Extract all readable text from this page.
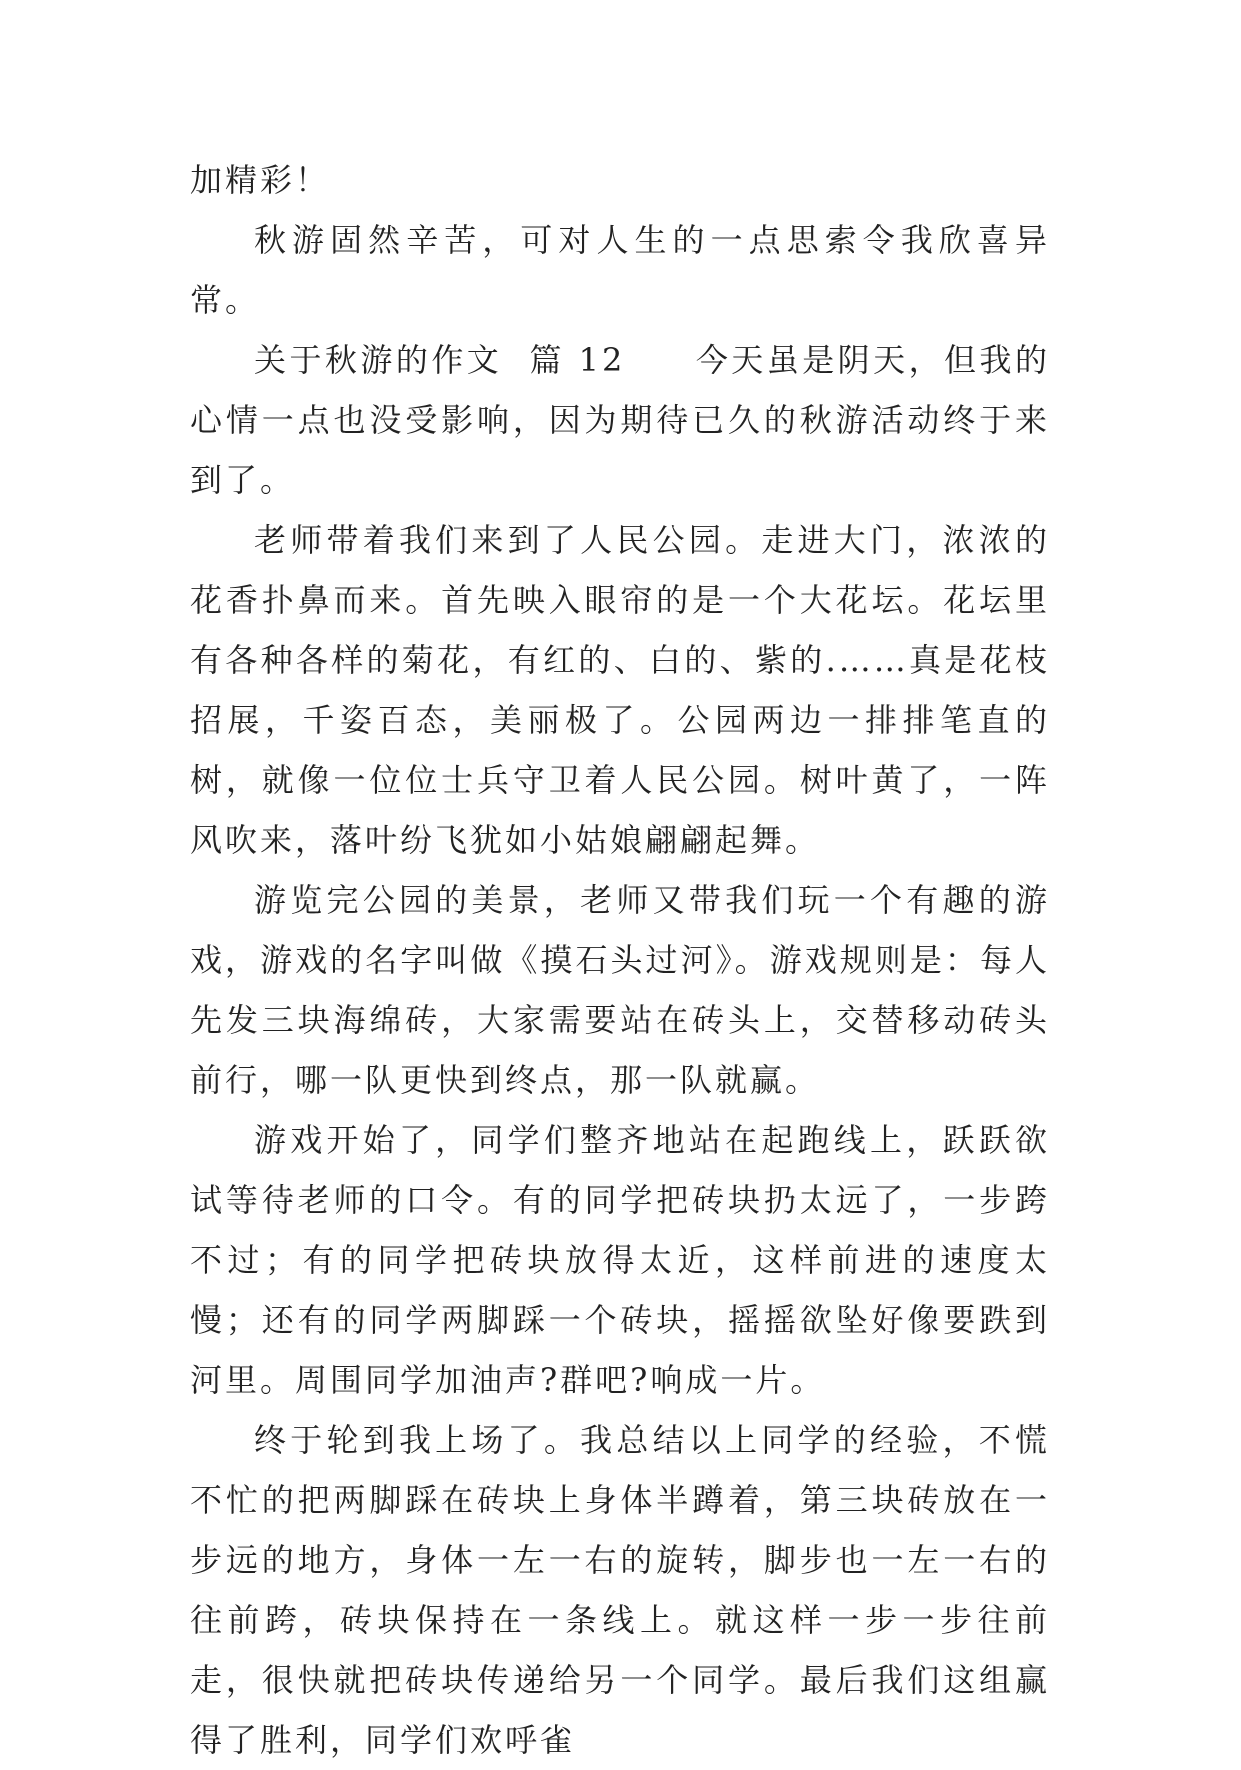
加精彩！

秋游固然辛苦，可对人生的一点思索令我欣喜异常。

关于秋游的作文 篇 12 今天虽是阴天，但我的心情一点也没受影响，因为期待已久的秋游活动终于来到了。

老师带着我们来到了人民公园。走进大门，浓浓的花香扑鼻而来。首先映入眼帘的是一个大花坛。花坛里有各种各样的菊花，有红的、白的、紫的.……真是花枝招展，千姿百态，美丽极了。公园两边一排排笔直的树，就像一位位士兵守卫着人民公园。树叶黄了，一阵风吹来，落叶纷飞犹如小姑娘翩翩起舞。

游览完公园的美景，老师又带我们玩一个有趣的游戏，游戏的名字叫做《摸石头过河》。游戏规则是：每人先发三块海绵砖，大家需要站在砖头上，交替移动砖头前行，哪一队更快到终点，那一队就赢。

游戏开始了，同学们整齐地站在起跑线上，跃跃欲试等待老师的口令。有的同学把砖块扔太远了，一步跨不过；有的同学把砖块放得太近，这样前进的速度太慢；还有的同学两脚踩一个砖块，摇摇欲坠好像要跌到河里。周围同学加油声?群吧?响成一片。

终于轮到我上场了。我总结以上同学的经验，不慌不忙的把两脚踩在砖块上身体半蹲着，第三块砖放在一步远的地方，身体一左一右的旋转，脚步也一左一右的往前跨，砖块保持在一条线上。就这样一步一步往前走，很快就把砖块传递给另一个同学。最后我们这组赢得了胜利，同学们欢呼雀
